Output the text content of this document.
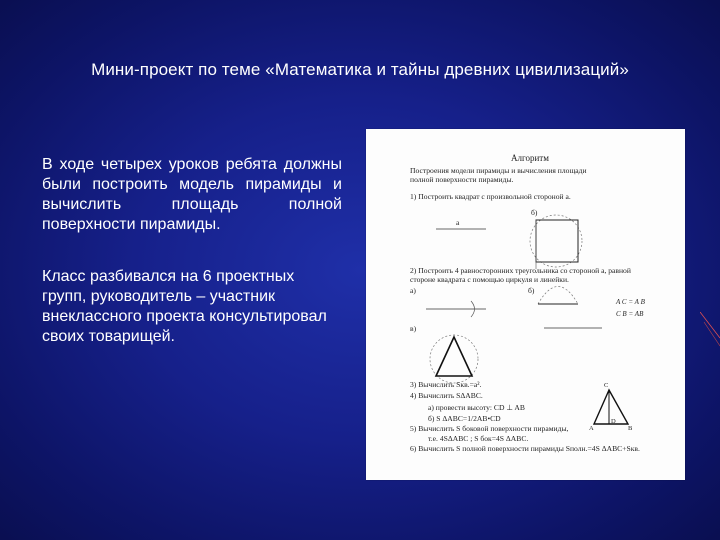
Мини-проект по теме «Математика и тайны древних цивилизаций»

В ходе четырех уроков ребята должны были построить модель пирамиды и вычислить площадь полной поверхности пирамиды.

Класс разбивался на 6 проектных групп, руководитель – участник внеклассного проекта консультировал своих товарищей.

Алгоритм
Построения модели пирамиды и вычисления площади
полной поверхности пирамиды.
1) Построить квадрат с произвольной стороной а.
а
б)
2) Построить 4 равносторонних треугольника со стороной а, равной
стороне квадрата с помощью циркуля и линейки.
а)	б)
в)
A C = A B
C B = AB
C
A	B
D
3) Вычислить Sкв.=a².
4) Вычислить SΔABC.
а) провести высоту: CD ⊥ AB
б) S ΔABC=1/2AB•CD
5) Вычислить S боковой поверхности пирамиды,
т.е. 4SΔABC ; S бок=4S ΔABC.
6) Вычислить S полной поверхности пирамиды Sполн.=4S ΔABC+Sкв.
